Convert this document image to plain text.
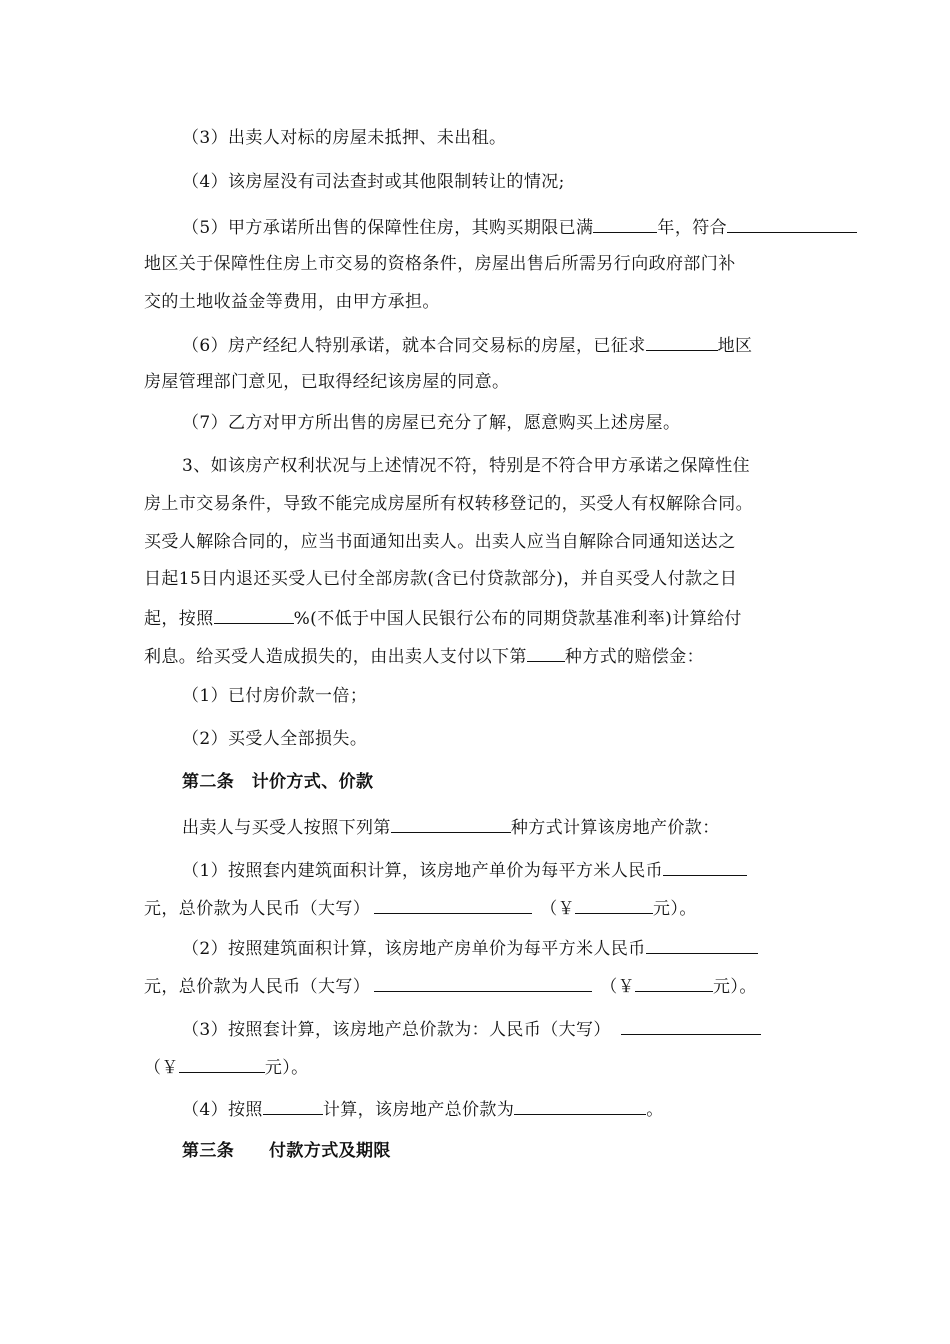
（3）出卖人对标的房屋未抵押、未出租。
（4）该房屋没有司法查封或其他限制转让的情况;
（5）甲方承诺所出售的保障性住房，其购买期限已满	年，符合
地区关于保障性住房上市交易的资格条件，房屋出售后所需另行向政府部门补
交的土地收益金等费用，由甲方承担。
（6）房产经纪人特别承诺，就本合同交易标的房屋，已征求	地区
房屋管理部门意见，已取得经纪该房屋的同意。
（7）乙方对甲方所出售的房屋已充分了解，愿意购买上述房屋。
3、如该房产权利状况与上述情况不符，特别是不符合甲方承诺之保障性住
房上市交易条件，导致不能完成房屋所有权转移登记的，买受人有权解除合同。
买受人解除合同的，应当书面通知出卖人。出卖人应当自解除合同通知送达之
日起15日内退还买受人已付全部房款(含已付贷款部分)，并自买受人付款之日
起，按照	%(不低于中国人民银行公布的同期贷款基准利率)计算给付
利息。给买受人造成损失的，由出卖人支付以下第 种方式的赔偿金：
（1）已付房价款一倍；
（2）买受人全部损失。
第二条　计价方式、价款
出卖人与买受人按照下列第	种方式计算该房地产价款：
（1）按照套内建筑面积计算，该房地产单价为每平方米人民币
元，总价款为人民币（大写）	（￥	元）。
（2）按照建筑面积计算，该房地产房单价为每平方米人民币
元，总价款为人民币（大写）	（￥	元）。
（3）按照套计算，该房地产总价款为：人民币（大写）
（￥	元）。
（4）按照	计算，该房地产总价款为	。
第三条　　付款方式及期限
